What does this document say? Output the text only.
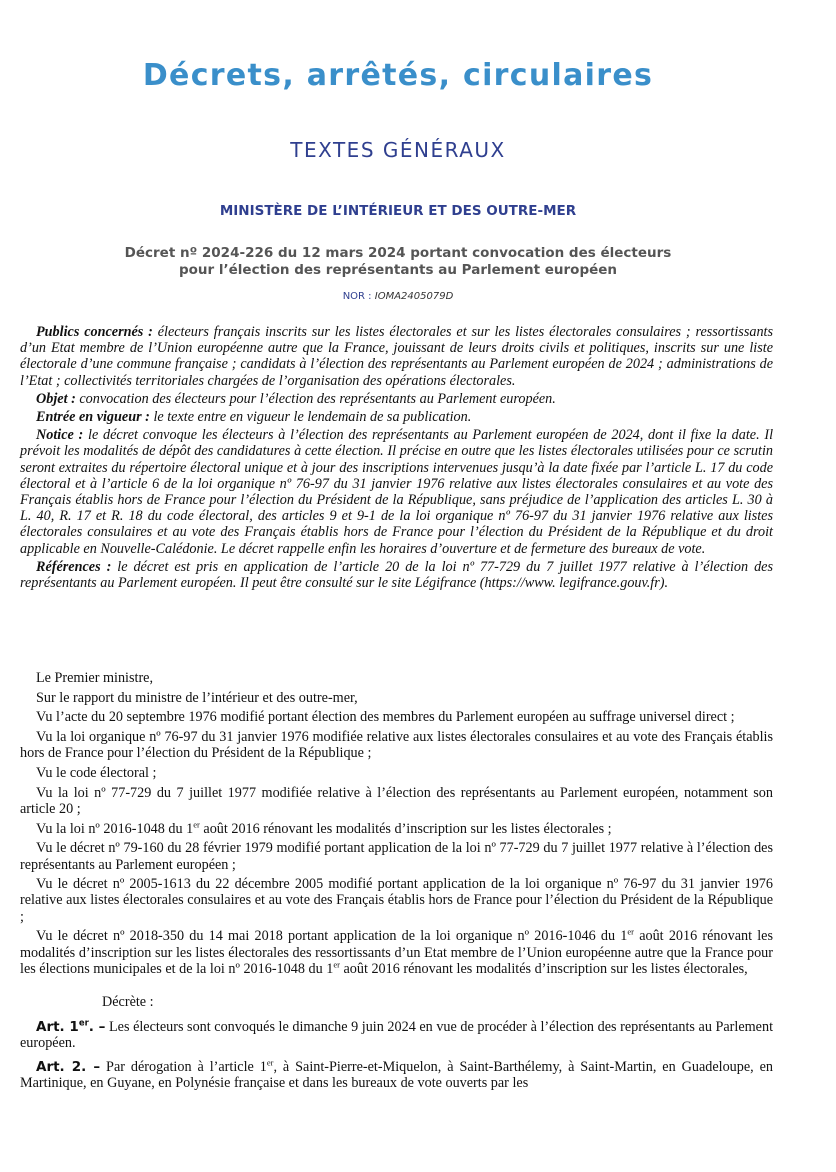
Décrets, arrêtés, circulaires
TEXTES GÉNÉRAUX
MINISTÈRE DE L’INTÉRIEUR ET DES OUTRE-MER
Décret nº 2024-226 du 12 mars 2024 portant convocation des électeurs
pour l’élection des représentants au Parlement européen
NOR : IOMA2405079D

Publics concernés : électeurs français inscrits sur les listes électorales et sur les listes électorales consulaires ; ressortissants d’un Etat membre de l’Union européenne autre que la France, jouissant de leurs droits civils et politiques, inscrits sur une liste électorale d’une commune française ; candidats à l’élection des représentants au Parlement européen de 2024 ; administrations de l’Etat ; collectivités territoriales chargées de l’organisation des opérations électorales.

Objet : convocation des électeurs pour l’élection des représentants au Parlement européen.

Entrée en vigueur : le texte entre en vigueur le lendemain de sa publication.

Notice : le décret convoque les électeurs à l’élection des représentants au Parlement européen de 2024, dont il fixe la date. Il prévoit les modalités de dépôt des candidatures à cette élection. Il précise en outre que les listes électorales utilisées pour ce scrutin seront extraites du répertoire électoral unique et à jour des inscriptions intervenues jusqu’à la date fixée par l’article L. 17 du code électoral et à l’article 6 de la loi organique nº 76-97 du 31 janvier 1976 relative aux listes électorales consulaires et au vote des Français établis hors de France pour l’élection du Président de la République, sans préjudice de l’application des articles L. 30 à L. 40, R. 17 et R. 18 du code électoral, des articles 9 et 9-1 de la loi organique nº 76-97 du 31 janvier 1976 relative aux listes électorales consulaires et au vote des Français établis hors de France pour l’élection du Président de la République et du droit applicable en Nouvelle-Calédonie. Le décret rappelle enfin les horaires d’ouverture et de fermeture des bureaux de vote.

Références : le décret est pris en application de l’article 20 de la loi nº 77-729 du 7 juillet 1977 relative à l’élection des représentants au Parlement européen. Il peut être consulté sur le site Légifrance (https://www. legifrance.gouv.fr).

Le Premier ministre,

Sur le rapport du ministre de l’intérieur et des outre-mer,

Vu l’acte du 20 septembre 1976 modifié portant élection des membres du Parlement européen au suffrage universel direct ;

Vu la loi organique nº 76-97 du 31 janvier 1976 modifiée relative aux listes électorales consulaires et au vote des Français établis hors de France pour l’élection du Président de la République ;

Vu le code électoral ;

Vu la loi nº 77-729 du 7 juillet 1977 modifiée relative à l’élection des représentants au Parlement européen, notamment son article 20 ;

Vu la loi nº 2016-1048 du 1er août 2016 rénovant les modalités d’inscription sur les listes électorales ;

Vu le décret nº 79-160 du 28 février 1979 modifié portant application de la loi nº 77-729 du 7 juillet 1977 relative à l’élection des représentants au Parlement européen ;

Vu le décret nº 2005-1613 du 22 décembre 2005 modifié portant application de la loi organique nº 76-97 du 31 janvier 1976 relative aux listes électorales consulaires et au vote des Français établis hors de France pour l’élection du Président de la République ;

Vu le décret nº 2018-350 du 14 mai 2018 portant application de la loi organique nº 2016-1046 du 1er août 2016 rénovant les modalités d’inscription sur les listes électorales des ressortissants d’un Etat membre de l’Union européenne autre que la France pour les élections municipales et de la loi nº 2016-1048 du 1er août 2016 rénovant les modalités d’inscription sur les listes électorales,

Décrète :

Art. 1er. – Les électeurs sont convoqués le dimanche 9 juin 2024 en vue de procéder à l’élection des représentants au Parlement européen.

Art. 2. – Par dérogation à l’article 1er, à Saint-Pierre-et-Miquelon, à Saint-Barthélemy, à Saint-Martin, en Guadeloupe, en Martinique, en Guyane, en Polynésie française et dans les bureaux de vote ouverts par les
